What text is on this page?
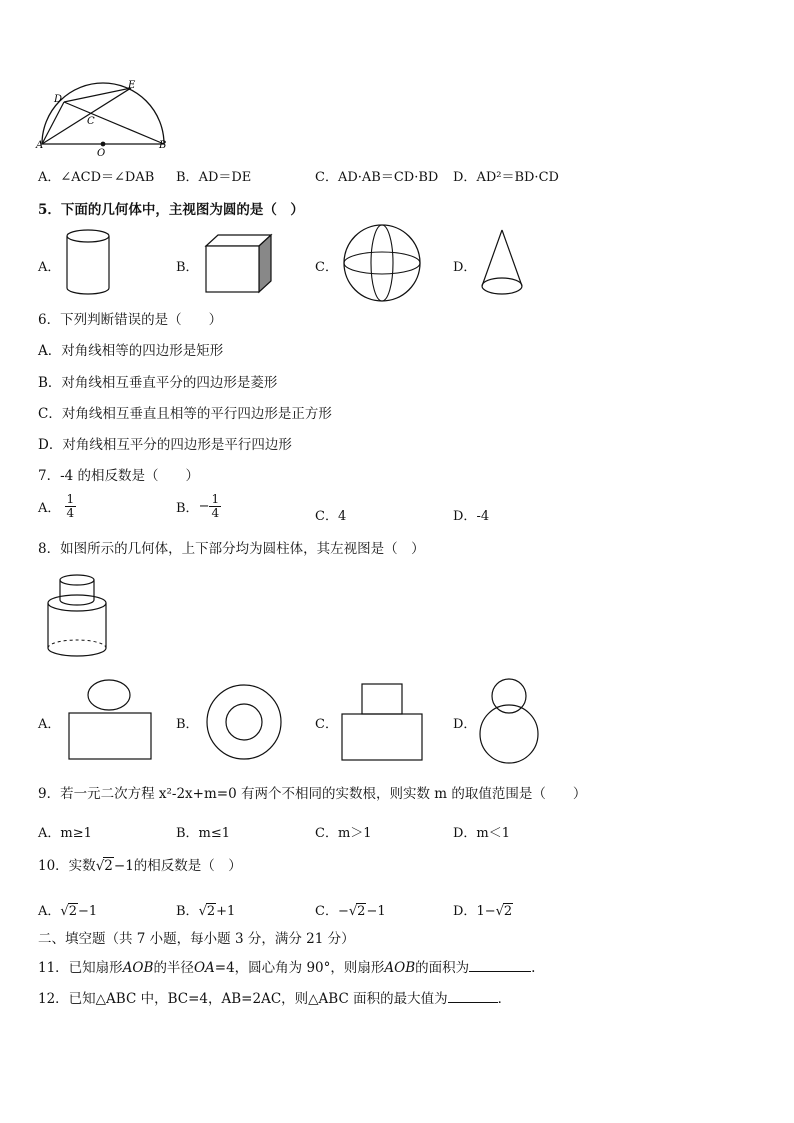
D
E
C
A	B
O
A．∠ACD＝∠DAB B．AD＝DE	C．AD·AB＝CD·BD D．AD²＝BD·CD
5．下面的几何体中，主视图为圆的是（　）
A．	B．	C．	D．
6．下列判断错误的是（　　）
A．对角线相等的四边形是矩形
B．对角线相互垂直平分的四边形是菱形
C．对角线相互垂直且相等的平行四边形是正方形
D．对角线相互平分的四边形是平行四边形
7．-4 的相反数是（　　）
A． $\frac{1}{4}$	B．− $\frac{1}{4}$	C．4	D．-4
8．如图所示的几何体，上下部分均为圆柱体，其左视图是（　）
A．	B．	C．	D．
9．若一元二次方程 x²-2x+m=0 有两个不相同的实数根，则实数 m 的取值范围是（　　）
A．m≥1	B．m≤1	C．m＞1	D．m＜1
10．实数√2−1的相反数是（　）
A．√2−1	B．√2+1	C．−√2−1	D．1−√2
二、填空题（共 7 小题，每小题 3 分，满分 21 分）
11．已知扇形AOB的半径OA=4，圆心角为 90°，则扇形AOB的面积为	.
12．已知△ABC 中，BC=4，AB=2AC，则△ABC 面积的最大值为	．
